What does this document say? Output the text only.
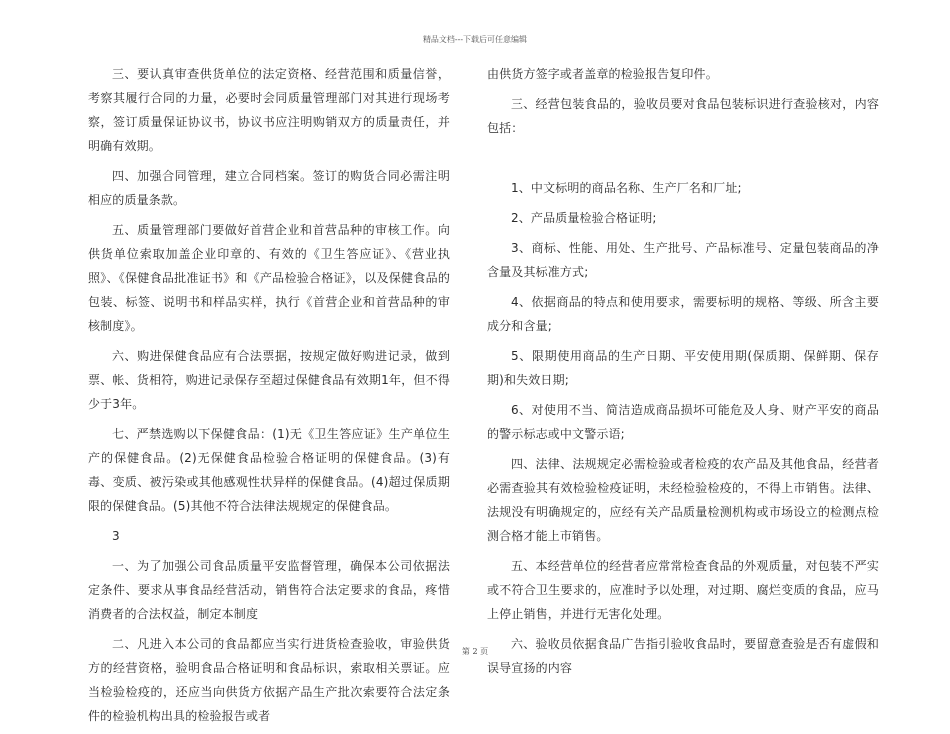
精品文档---下载后可任意编辑

三、要认真审查供货单位的法定资格、经营范围和质量信誉，考察其履行合同的力量，必要时会同质量管理部门对其进行现场考察，签订质量保证协议书，协议书应注明购销双方的质量责任，并明确有效期。

四、加强合同管理，建立合同档案。签订的购货合同必需注明相应的质量条款。

五、质量管理部门要做好首营企业和首营品种的审核工作。向供货单位索取加盖企业印章的、有效的《卫生答应证》、《营业执照》、《保健食品批准证书》和《产品检验合格证》，以及保健食品的包装、标签、说明书和样品实样，执行《首营企业和首营品种的审核制度》。

六、购进保健食品应有合法票据，按规定做好购进记录，做到票、帐、货相符，购进记录保存至超过保健食品有效期1年，但不得少于3年。

七、严禁选购以下保健食品：(1)无《卫生答应证》生产单位生产的保健食品。(2)无保健食品检验合格证明的保健食品。(3)有毒、变质、被污染或其他感观性状异样的保健食品。(4)超过保质期限的保健食品。(5)其他不符合法律法规规定的保健食品。

3

一、为了加强公司食品质量平安监督管理，确保本公司依据法定条件、要求从事食品经营活动，销售符合法定要求的食品，疼惜消费者的合法权益，制定本制度

二、凡进入本公司的食品都应当实行进货检查验收，审验供货方的经营资格，验明食品合格证明和食品标识，索取相关票证。应当检验检疫的，还应当向供货方依据产品生产批次索要符合法定条件的检验机构出具的检验报告或者

由供货方签字或者盖章的检验报告复印件。

三、经营包装食品的，验收员要对食品包装标识进行查验核对，内容包括：

1、中文标明的商品名称、生产厂名和厂址;

2、产品质量检验合格证明;

3、商标、性能、用处、生产批号、产品标准号、定量包装商品的净含量及其标准方式;

4、依据商品的特点和使用要求，需要标明的规格、等级、所含主要成分和含量;

5、限期使用商品的生产日期、平安使用期(保质期、保鲜期、保存期)和失效日期;

6、对使用不当、简洁造成商品损坏可能危及人身、财产平安的商品的警示标志或中文警示语;

四、法律、法规规定必需检验或者检疫的农产品及其他食品，经营者必需查验其有效检验检疫证明，未经检验检疫的，不得上市销售。法律、法规没有明确规定的，应经有关产品质量检测机构或市场设立的检测点检测合格才能上市销售。

五、本经营单位的经营者应常常检查食品的外观质量，对包装不严实或不符合卫生要求的，应准时予以处理，对过期、腐烂变质的食品，应马上停止销售，并进行无害化处理。

六、验收员依据食品广告指引验收食品时，要留意查验是否有虚假和误导宣扬的内容

第 2 页
